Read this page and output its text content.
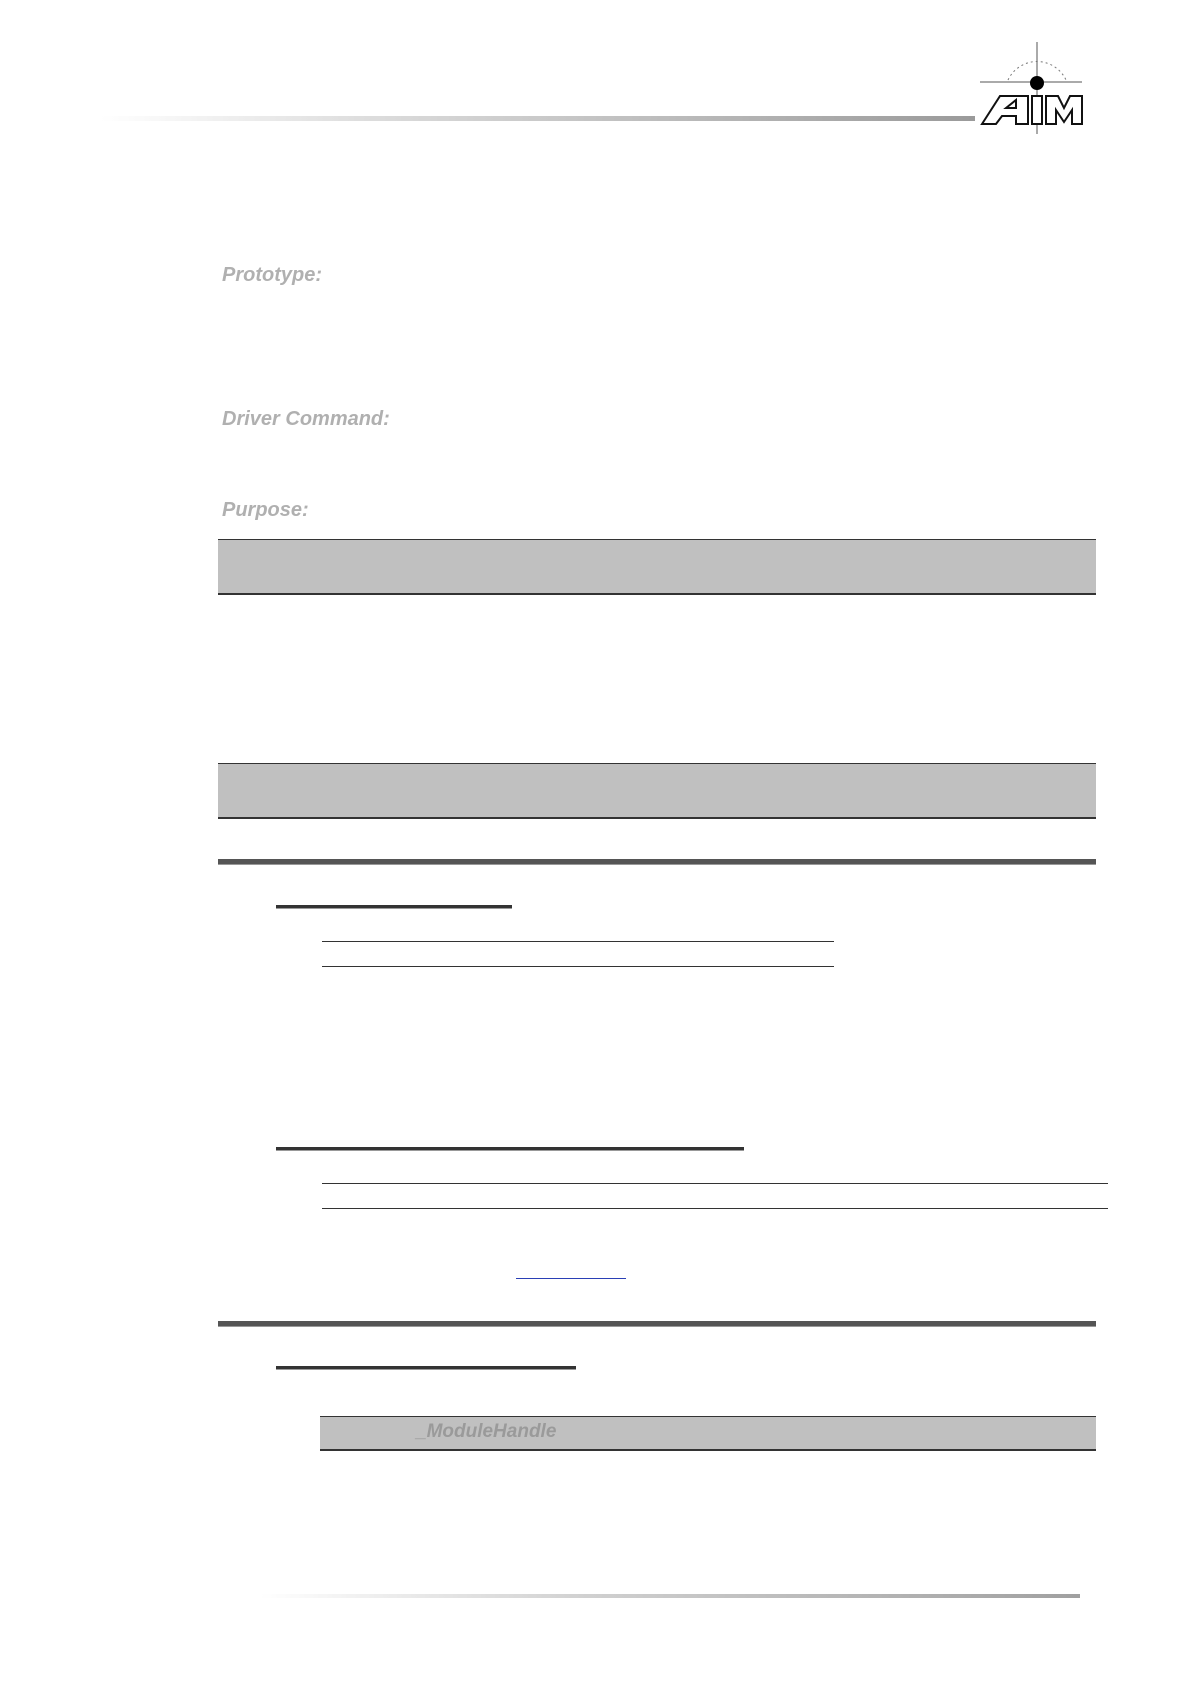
Prototype:
Driver Command:
Purpose:
_ModuleHandle
